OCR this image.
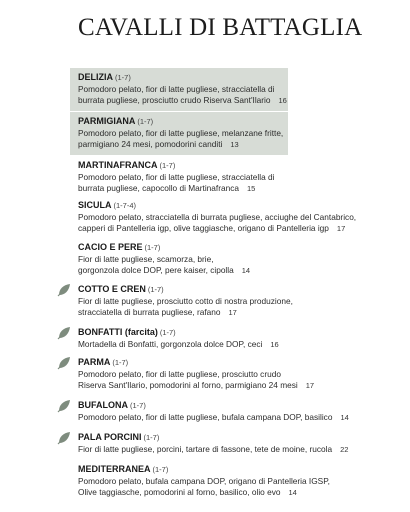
CAVALLI DI BATTAGLIA
DELIZIA (1-7)
Pomodoro pelato, fior di latte pugliese, stracciatella di
burrata pugliese, prosciutto crudo Riserva Sant'Ilario 16
PARMIGIANA (1-7)
Pomodoro pelato, fior di latte pugliese, melanzane fritte,
parmigiano 24 mesi, pomodorini canditi 13
MARTINAFRANCA (1-7)
Pomodoro pelato, fior di latte pugliese, stracciatella di
burrata pugliese, capocollo di Martinafranca 15
SICULA (1-7-4)
Pomodoro pelato, stracciatella di burrata pugliese, acciughe del Cantabrico,
capperi di Pantelleria igp, olive taggiasche, origano di Pantelleria igp 17
CACIO E PERE (1-7)
Fior di latte pugliese, scamorza, brie,
gorgonzola dolce DOP, pere kaiser, cipolla 14
COTTO E CREN (1-7)
Fior di latte pugliese, prosciutto cotto di nostra produzione,
stracciatella di burrata pugliese, rafano 17
BONFATTI (farcita) (1-7)
Mortadella di Bonfatti, gorgonzola dolce DOP, ceci 16
PARMA (1-7)
Pomodoro pelato, fior di latte pugliese, prosciutto crudo
Riserva Sant'Ilario, pomodorini al forno, parmigiano 24 mesi 17
BUFALONA (1-7)
Pomodoro pelato, fior di latte pugliese, bufala campana DOP, basilico 14
PALA PORCINI (1-7)
Fior di latte pugliese, porcini, tartare di fassone, tete de moine, rucola 22
MEDITERRANEA (1-7)
Pomodoro pelato, bufala campana DOP, origano di Pantelleria IGSP,
Olive taggiasche, pomodorini al forno, basilico, olio evo 14
